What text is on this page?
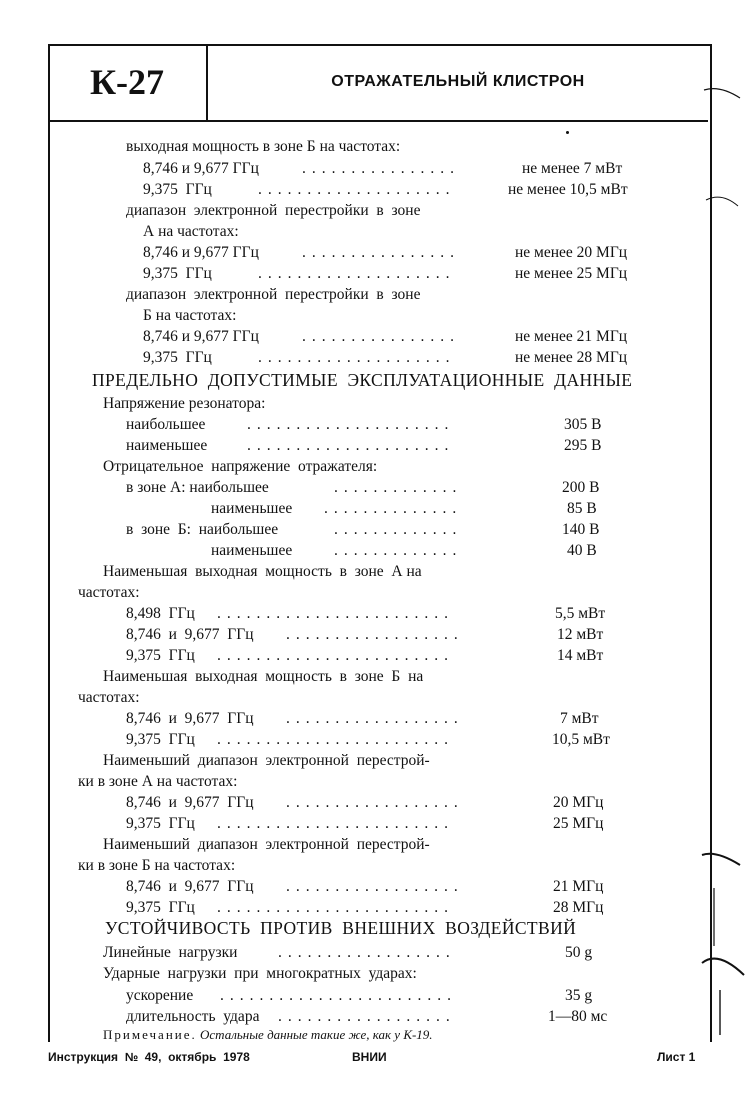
К-27	ОТРАЖАТЕЛЬНЫЙ КЛИСТРОН
выходная мощность в зоне Б на частотах:
8,746 и 9,677 ГГц	................	не менее 7 мВт
9,375  ГГц	....................	не менее 10,5 мВт
диапазон  электронной  перестройки  в  зоне
А на частотах:
8,746 и 9,677 ГГц	................	не менее 20 МГц
9,375  ГГц	....................	не менее 25 МГц
диапазон  электронной  перестройки  в  зоне
Б на частотах:
8,746 и 9,677 ГГц	................	не менее 21 МГц
9,375  ГГц	....................	не менее 28 МГц
ПРЕДЕЛЬНО  ДОПУСТИМЫЕ  ЭКСПЛУАТАЦИОННЫЕ  ДАННЫЕ
Напряжение резонатора:
наибольшее	.....................	305 В
наименьшее	.....................	295 В
Отрицательное  напряжение  отражателя:
в зоне А: наибольшее	.............	200 В
наименьшее ..............	85 В
в  зоне  Б:  наибольшее	.............	140 В
наименьшее	.............	40 В
Наименьшая  выходная  мощность  в  зоне  А на
частотах:
8,498  ГГц ........................	5,5 мВт
8,746  и  9,677  ГГц ..................	12 мВт
9,375  ГГц ........................	14 мВт
Наименьшая  выходная  мощность  в  зоне  Б  на
частотах:
8,746  и  9,677  ГГц ..................	7 мВт
9,375  ГГц ........................	10,5 мВт
Наименьший  диапазон  электронной  перестрой-
ки в зоне А на частотах:
8,746  и  9,677  ГГц ..................	20 МГц
9,375  ГГц ........................	25 МГц
Наименьший  диапазон  электронной  перестрой-
ки в зоне Б на частотах:
8,746  и  9,677  ГГц ..................	21 МГц
9,375  ГГц ........................	28 МГц
УСТОЙЧИВОСТЬ  ПРОТИВ  ВНЕШНИХ  ВОЗДЕЙСТВИЙ
Линейные  нагрузки	..................	50 g
Ударные  нагрузки  при  многократных  ударах:
ускорение ........................	35 g
длительность  удара ..................	1—80 мс
Примечание. Остальные данные такие же, как у К-19.
Инструкция  №  49,  октябрь  1978	ВНИИ	Лист 1
